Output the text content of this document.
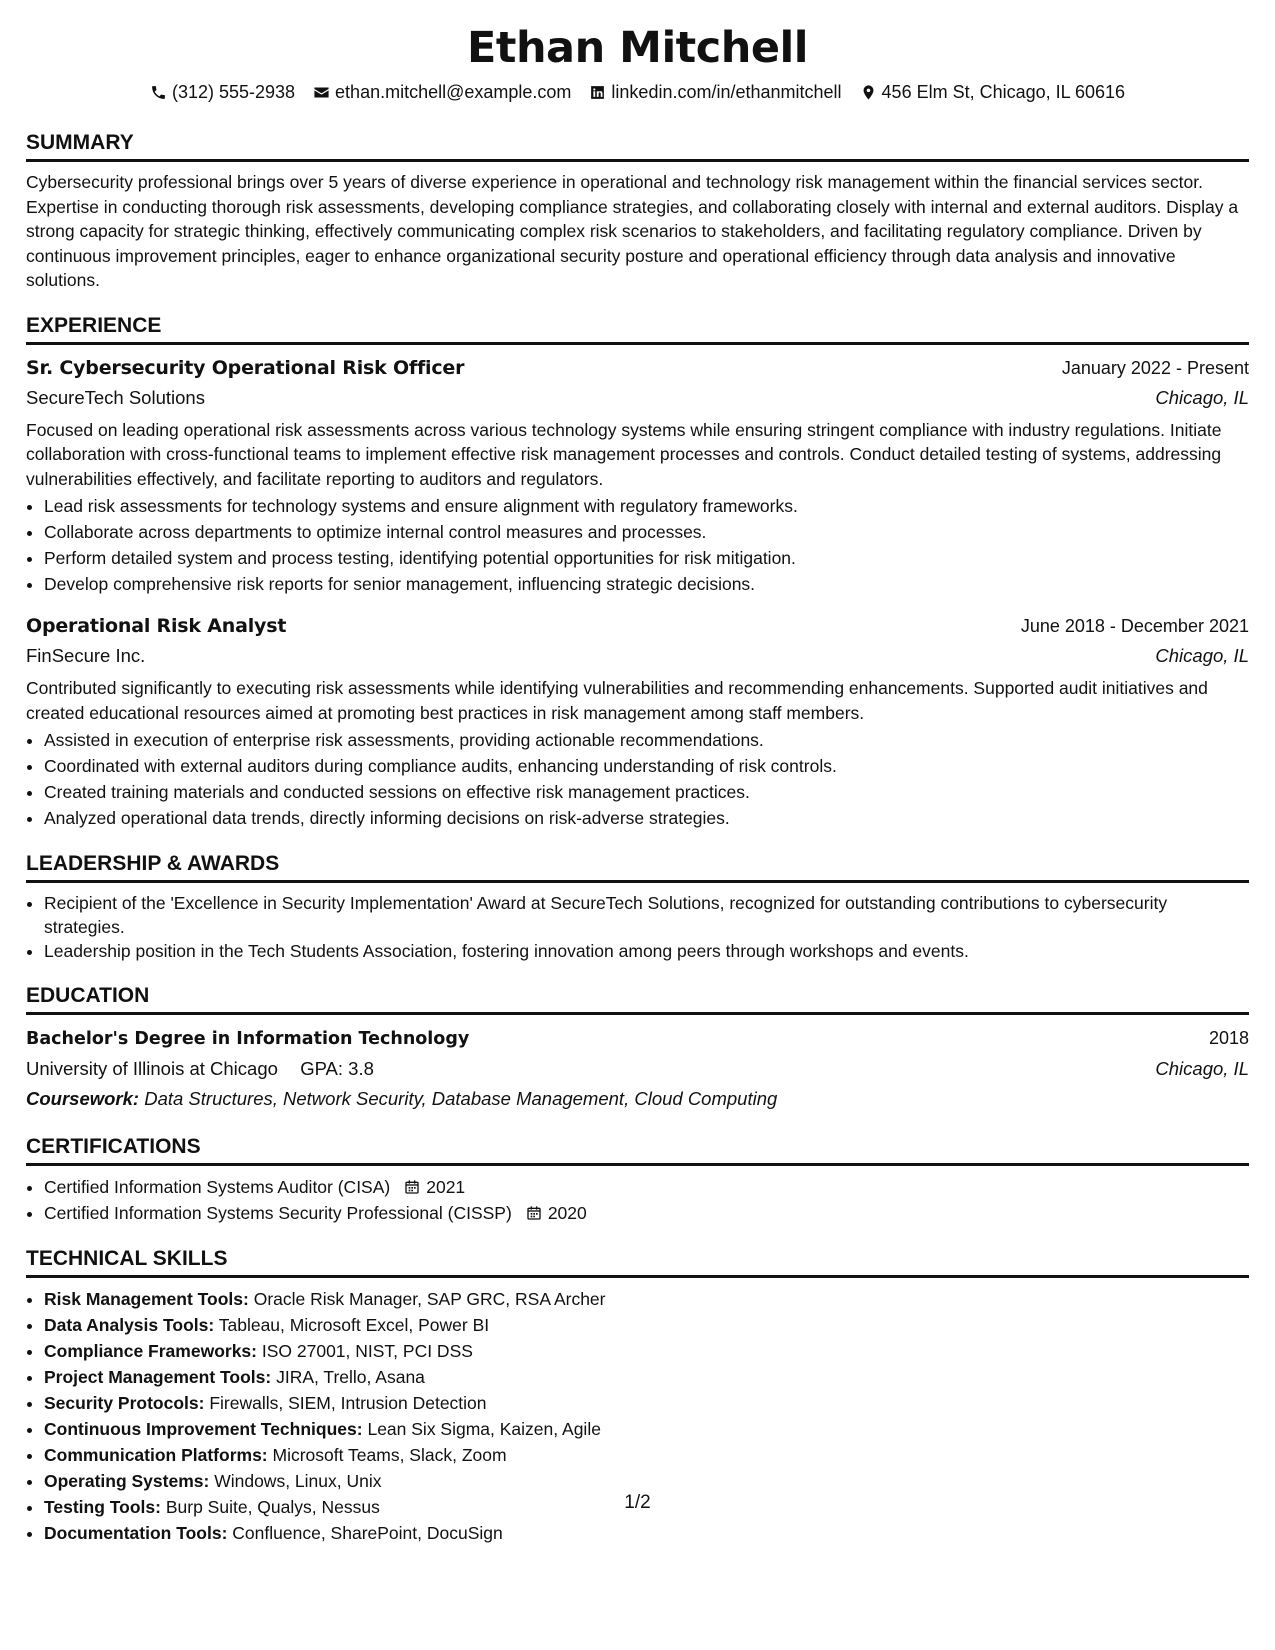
Ethan Mitchell
(312) 555-2938 ethan.mitchell@example.com linkedin.com/in/ethanmitchell 456 Elm St, Chicago, IL 60616
SUMMARY

Cybersecurity professional brings over 5 years of diverse experience in operational and technology risk management within the financial services sector. Expertise in conducting thorough risk assessments, developing compliance strategies, and collaborating closely with internal and external auditors. Display a strong capacity for strategic thinking, effectively communicating complex risk scenarios to stakeholders, and facilitating regulatory compliance. Driven by continuous improvement principles, eager to enhance organizational security posture and operational efficiency through data analysis and innovative solutions.

EXPERIENCE
Sr. Cybersecurity Operational Risk Officer	January 2022 - Present
SecureTech Solutions	Chicago, IL

Focused on leading operational risk assessments across various technology systems while ensuring stringent compliance with industry regulations. Initiate collaboration with cross-functional teams to implement effective risk management processes and controls. Conduct detailed testing of systems, addressing vulnerabilities effectively, and facilitate reporting to auditors and regulators.

• Lead risk assessments for technology systems and ensure alignment with regulatory frameworks.
• Collaborate across departments to optimize internal control measures and processes.
• Perform detailed system and process testing, identifying potential opportunities for risk mitigation.
• Develop comprehensive risk reports for senior management, influencing strategic decisions.
Operational Risk Analyst	June 2018 - December 2021
FinSecure Inc.	Chicago, IL

Contributed significantly to executing risk assessments while identifying vulnerabilities and recommending enhancements. Supported audit initiatives and created educational resources aimed at promoting best practices in risk management among staff members.

• Assisted in execution of enterprise risk assessments, providing actionable recommendations.
• Coordinated with external auditors during compliance audits, enhancing understanding of risk controls.
• Created training materials and conducted sessions on effective risk management practices.
• Analyzed operational data trends, directly informing decisions on risk-adverse strategies.
LEADERSHIP & AWARDS
• Recipient of the 'Excellence in Security Implementation' Award at SecureTech Solutions, recognized for outstanding contributions to cybersecurity strategies.
• Leadership position in the Tech Students Association, fostering innovation among peers through workshops and events.
EDUCATION
Bachelor's Degree in Information Technology	2018
University of Illinois at Chicago GPA: 3.8	Chicago, IL
Coursework: Data Structures, Network Security, Database Management, Cloud Computing
CERTIFICATIONS
• Certified Information Systems Auditor (CISA) 2021
• Certified Information Systems Security Professional (CISSP) 2020
TECHNICAL SKILLS
• Risk Management Tools: Oracle Risk Manager, SAP GRC, RSA Archer
• Data Analysis Tools: Tableau, Microsoft Excel, Power BI
• Compliance Frameworks: ISO 27001, NIST, PCI DSS
• Project Management Tools: JIRA, Trello, Asana
• Security Protocols: Firewalls, SIEM, Intrusion Detection
• Continuous Improvement Techniques: Lean Six Sigma, Kaizen, Agile
• Communication Platforms: Microsoft Teams, Slack, Zoom
• Operating Systems: Windows, Linux, Unix
• Testing Tools: Burp Suite, Qualys, Nessus
• Documentation Tools: Confluence, SharePoint, DocuSign
1/2
